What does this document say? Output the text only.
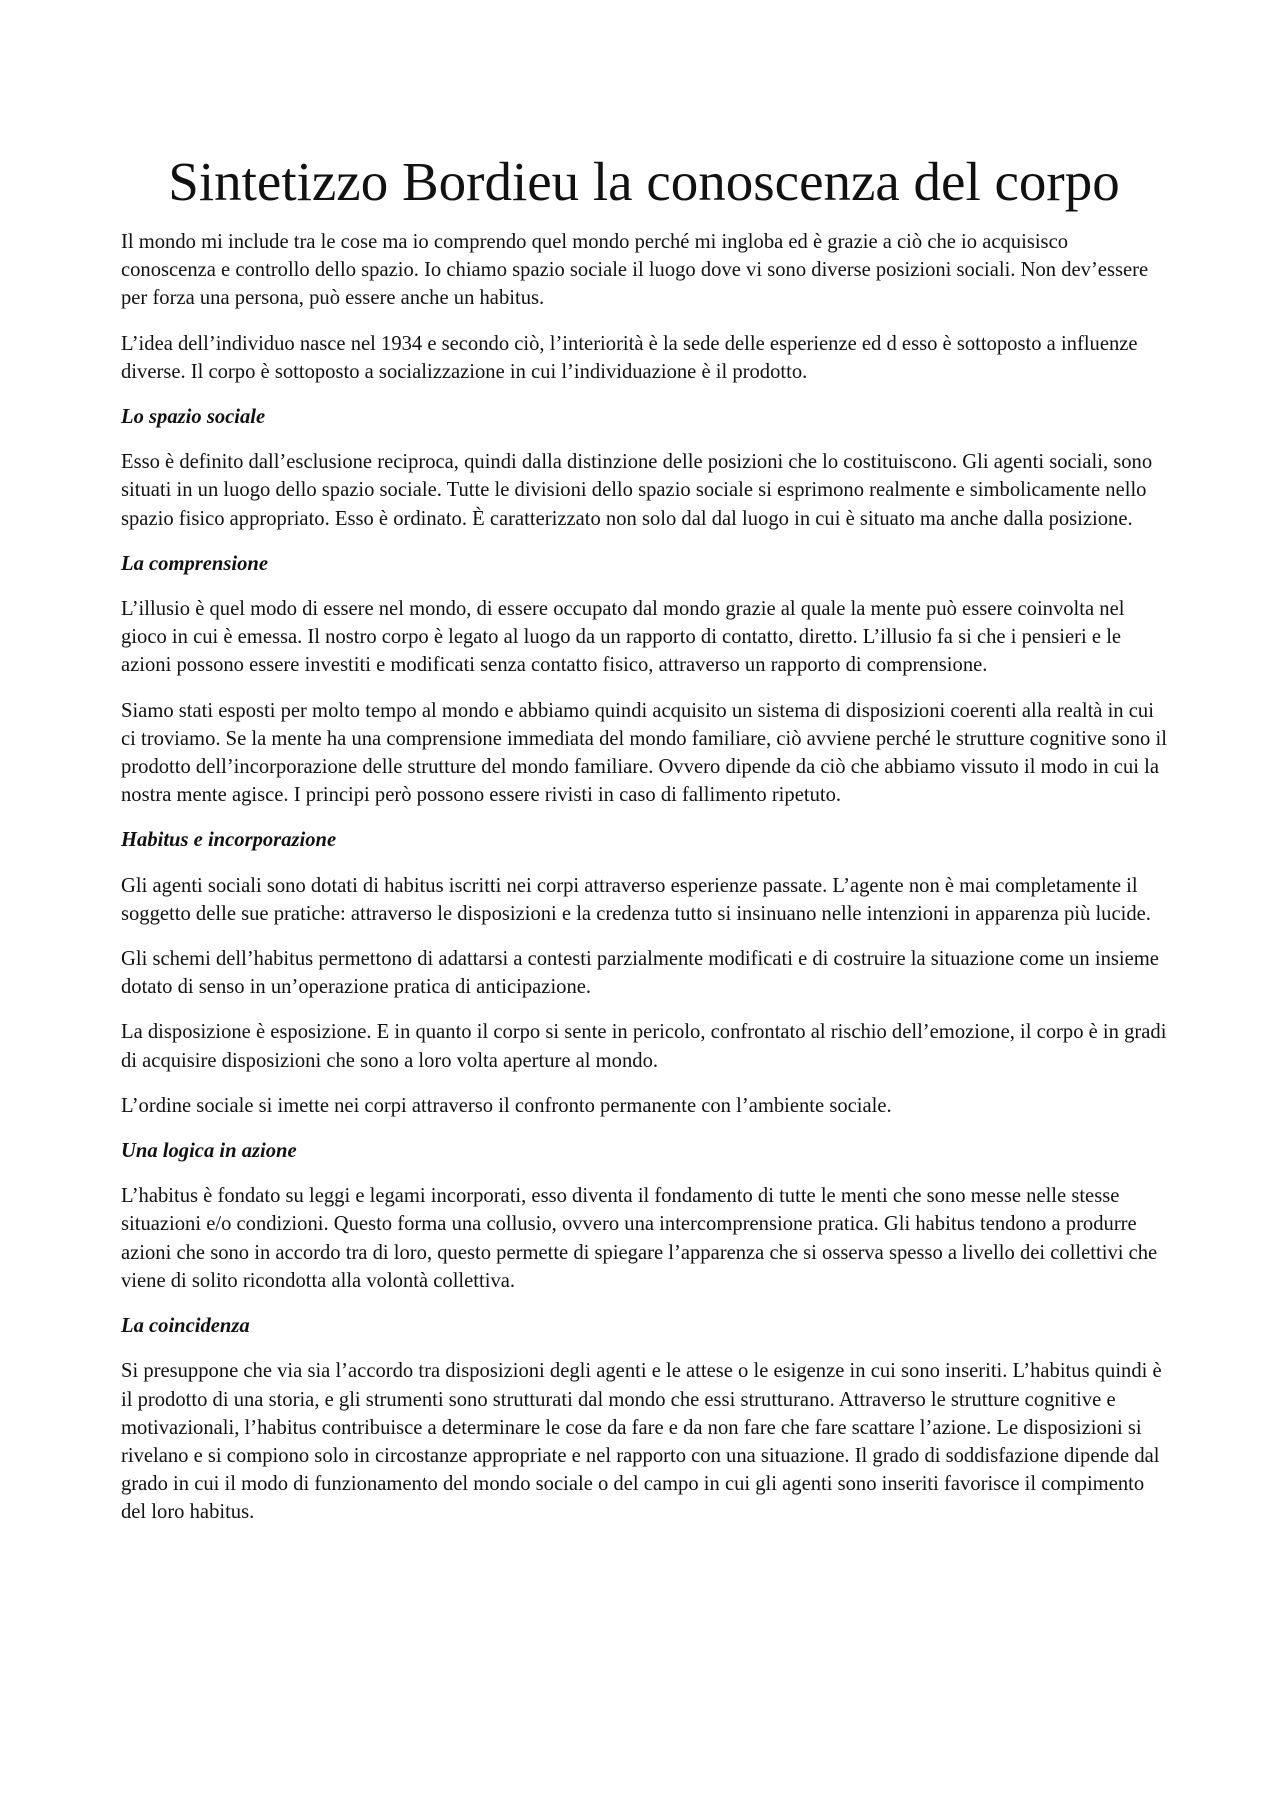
Sintetizzo Bordieu la conoscenza del corpo

Il mondo mi include tra le cose ma io comprendo quel mondo perché mi ingloba ed è grazie a ciò che io acquisisco conoscenza e controllo dello spazio. Io chiamo spazio sociale il luogo dove vi sono diverse posizioni sociali. Non dev’essere per forza una persona, può essere anche un habitus.

L’idea dell’individuo nasce nel 1934 e secondo ciò, l’interiorità è la sede delle esperienze ed d esso è sottoposto a influenze diverse. Il corpo è sottoposto a socializzazione in cui l’individuazione è il prodotto.

Lo spazio sociale

Esso è definito dall’esclusione reciproca, quindi dalla distinzione delle posizioni che lo costituiscono. Gli agenti sociali, sono situati in un luogo dello spazio sociale. Tutte le divisioni dello spazio sociale si esprimono realmente e simbolicamente nello spazio fisico appropriato. Esso è ordinato. È caratterizzato non solo dal dal luogo in cui è situato ma anche dalla posizione.

La comprensione

L’illusio è quel modo di essere nel mondo, di essere occupato dal mondo grazie al quale la mente può essere coinvolta nel gioco in cui è emessa. Il nostro corpo è legato al luogo da un rapporto di contatto, diretto. L’illusio fa si che i pensieri e le azioni possono essere investiti e modificati senza contatto fisico, attraverso un rapporto di comprensione.

Siamo stati esposti per molto tempo al mondo e abbiamo quindi acquisito un sistema di disposizioni coerenti alla realtà in cui ci troviamo. Se la mente ha una comprensione immediata del mondo familiare, ciò avviene perché le strutture cognitive sono il prodotto dell’incorporazione delle strutture del mondo familiare. Ovvero dipende da ciò che abbiamo vissuto il modo in cui la nostra mente agisce. I principi però possono essere rivisti in caso di fallimento ripetuto.

Habitus e incorporazione

Gli agenti sociali sono dotati di habitus iscritti nei corpi attraverso esperienze passate. L’agente non è mai completamente il soggetto delle sue pratiche: attraverso le disposizioni e la credenza tutto si insinuano nelle intenzioni in apparenza più lucide.

Gli schemi dell’habitus permettono di adattarsi a contesti parzialmente modificati e di costruire la situazione come un insieme dotato di senso in un’operazione pratica di anticipazione.

La disposizione è esposizione. E in quanto il corpo si sente in pericolo, confrontato al rischio dell’emozione, il corpo è in gradi di acquisire disposizioni che sono a loro volta aperture al mondo.

L’ordine sociale si imette nei corpi attraverso il confronto permanente con l’ambiente sociale.

Una logica in azione

L’habitus è fondato su leggi e legami incorporati, esso diventa il fondamento di tutte le menti che sono messe nelle stesse situazioni e/o condizioni. Questo forma una collusio, ovvero una intercomprensione pratica. Gli habitus tendono a produrre azioni che sono in accordo tra di loro, questo permette di spiegare l’apparenza che si osserva spesso a livello dei collettivi che viene di solito ricondotta alla volontà collettiva.

La coincidenza

Si presuppone che via sia l’accordo tra disposizioni degli agenti e le attese o le esigenze in cui sono inseriti. L’habitus quindi è il prodotto di una storia, e gli strumenti sono strutturati dal mondo che essi strutturano. Attraverso le strutture cognitive e motivazionali, l’habitus contribuisce a determinare le cose da fare e da non fare che fare scattare l’azione. Le disposizioni si rivelano e si compiono solo in circostanze appropriate e nel rapporto con una situazione. Il grado di soddisfazione dipende dal grado in cui il modo di funzionamento del mondo sociale o del campo in cui gli agenti sono inseriti favorisce il compimento del loro habitus.
